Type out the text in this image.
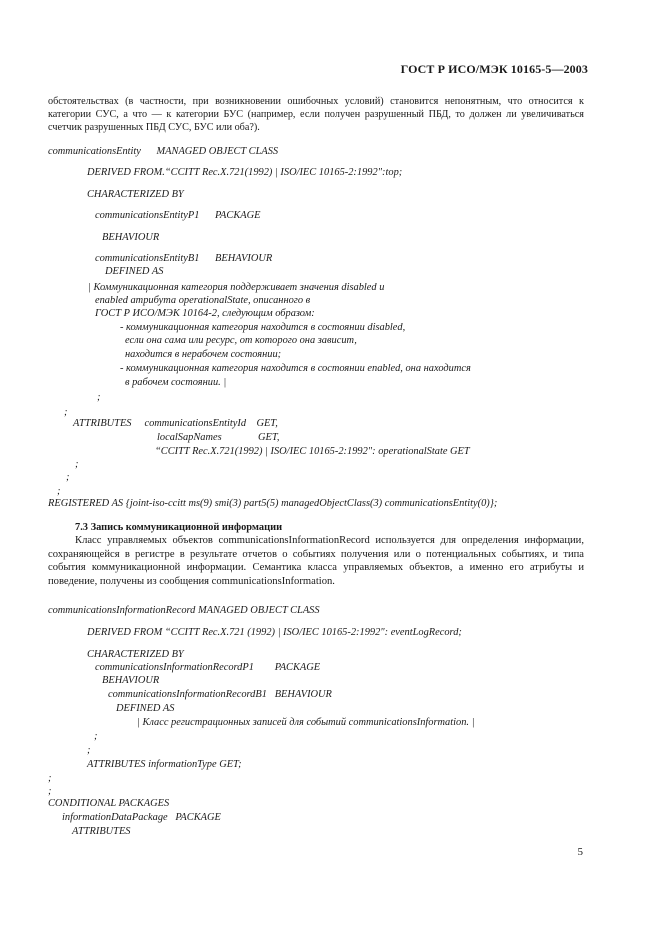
ГОСТ Р ИСО/МЭК 10165-5—2003
обстоятельствах (в частности, при возникновении ошибочных условий) становится непонятным, что относится к категории СУС, а что — к категории БУС (например, если получен разрушенный ПБД, то должен ли увеличиваться счетчик разрушенных ПБД СУС, БУС или оба?).
communicationsEntity      MANAGED OBJECT CLASS
DERIVED FROM.“CCITT Rec.X.721(1992) | ISO/IEC 10165-2:1992":top;
CHARACTERIZED BY
communicationsEntityP1      PACKAGE
BEHAVIOUR
communicationsEntityB1      BEHAVIOUR
DEFINED AS
| Коммуникационная категория поддерживает значения disabled и
enabled атрибута operationalState, описанного в
ГОСТ Р ИСО/МЭК 10164-2, следующим образом:
- коммуникационная категория находится в состоянии disabled,
если она сама или ресурс, от которого она зависит,
находится в нерабочем состоянии;
- коммуникационная категория находится в состоянии enabled, она находится
в рабочем состоянии. |
;
;
ATTRIBUTES     communicationsEntityId    GET,
localSapNames              GET,
“CCITT Rec.X.721(1992) | ISO/IEC 10165-2:1992": operationalState GET
;
;
;
REGISTERED AS {joint-iso-ccitt ms(9) smi(3) part5(5) managedObjectClass(3) communicationsEntity(0)};
7.3 Запись коммуникационной информации
Класс управляемых объектов communicationsInformationRecord используется для определения информации, сохраняющейся в регистре в результате отчетов о событиях получения или о потенциальных событиях, и типа события коммуникационной информации. Семантика класса управляемых объектов, а именно его атрибуты и поведение, получены из сообщения communicationsInformation.
communicationsInformationRecord MANAGED OBJECT CLASS
DERIVED FROM “CCITT Rec.X.721 (1992) | ISO/IEC 10165-2:1992": eventLogRecord;
CHARACTERIZED BY
communicationsInformationRecordP1        PACKAGE
BEHAVIOUR
communicationsInformationRecordB1   BEHAVIOUR
DEFINED AS
| Класс регистрационных записей для событий communicationsInformation. |
;
;
ATTRIBUTES informationType GET;
;
;
CONDITIONAL PACKAGES
informationDataPackage   PACKAGE
ATTRIBUTES
5
